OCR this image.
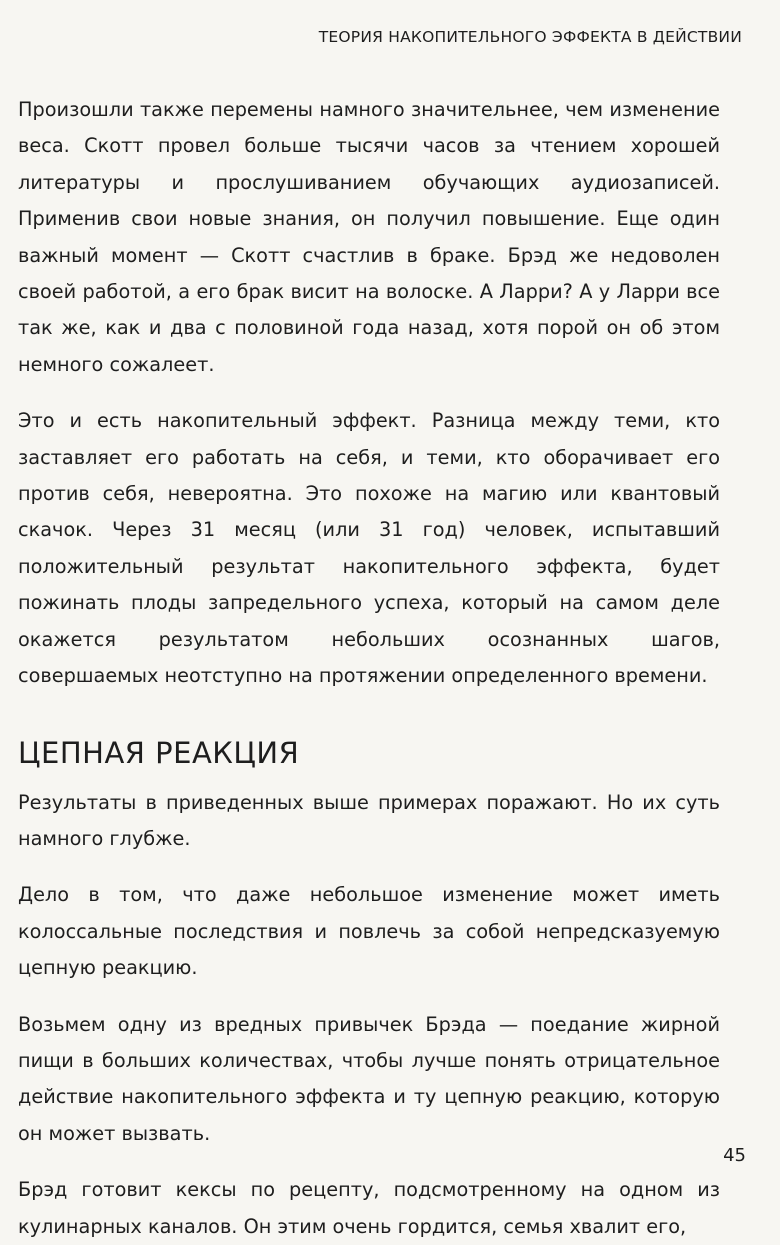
ТЕОРИЯ НАКОПИТЕЛЬНОГО ЭФФЕКТА В ДЕЙСТВИИ

Произошли также перемены намного значительнее, чем изменение веса. Скотт провел больше тысячи часов за чтением хорошей литературы и прослушиванием обучающих аудиозаписей. Применив свои новые знания, он получил повышение. Еще один важный момент — Скотт счастлив в браке. Брэд же недоволен своей работой, а его брак висит на волоске. А Ларри? А у Ларри все так же, как и два с половиной года назад, хотя порой он об этом немного сожалеет.

Это и есть накопительный эффект. Разница между теми, кто заставляет его работать на себя, и теми, кто оборачивает его против себя, невероятна. Это похоже на магию или квантовый скачок. Через 31 месяц (или 31 год) человек, испытавший положительный результат накопительного эффекта, будет пожинать плоды запредельного успеха, который на самом деле окажется результатом небольших осознанных шагов, совершаемых неотступно на протяжении определенного времени.

ЦЕПНАЯ РЕАКЦИЯ

Результаты в приведенных выше примерах поражают. Но их суть намного глубже.

Дело в том, что даже небольшое изменение может иметь колоссальные последствия и повлечь за собой непредсказуемую цепную реакцию.

Возьмем одну из вредных привычек Брэда — поедание жирной пищи в больших количествах, чтобы лучше понять отрицательное действие накопительного эффекта и ту цепную реакцию, которую он может вызвать.

Брэд готовит кексы по рецепту, подсмотренному на одном из кулинарных каналов. Он этим очень гордится, семья хвалит его,

45
